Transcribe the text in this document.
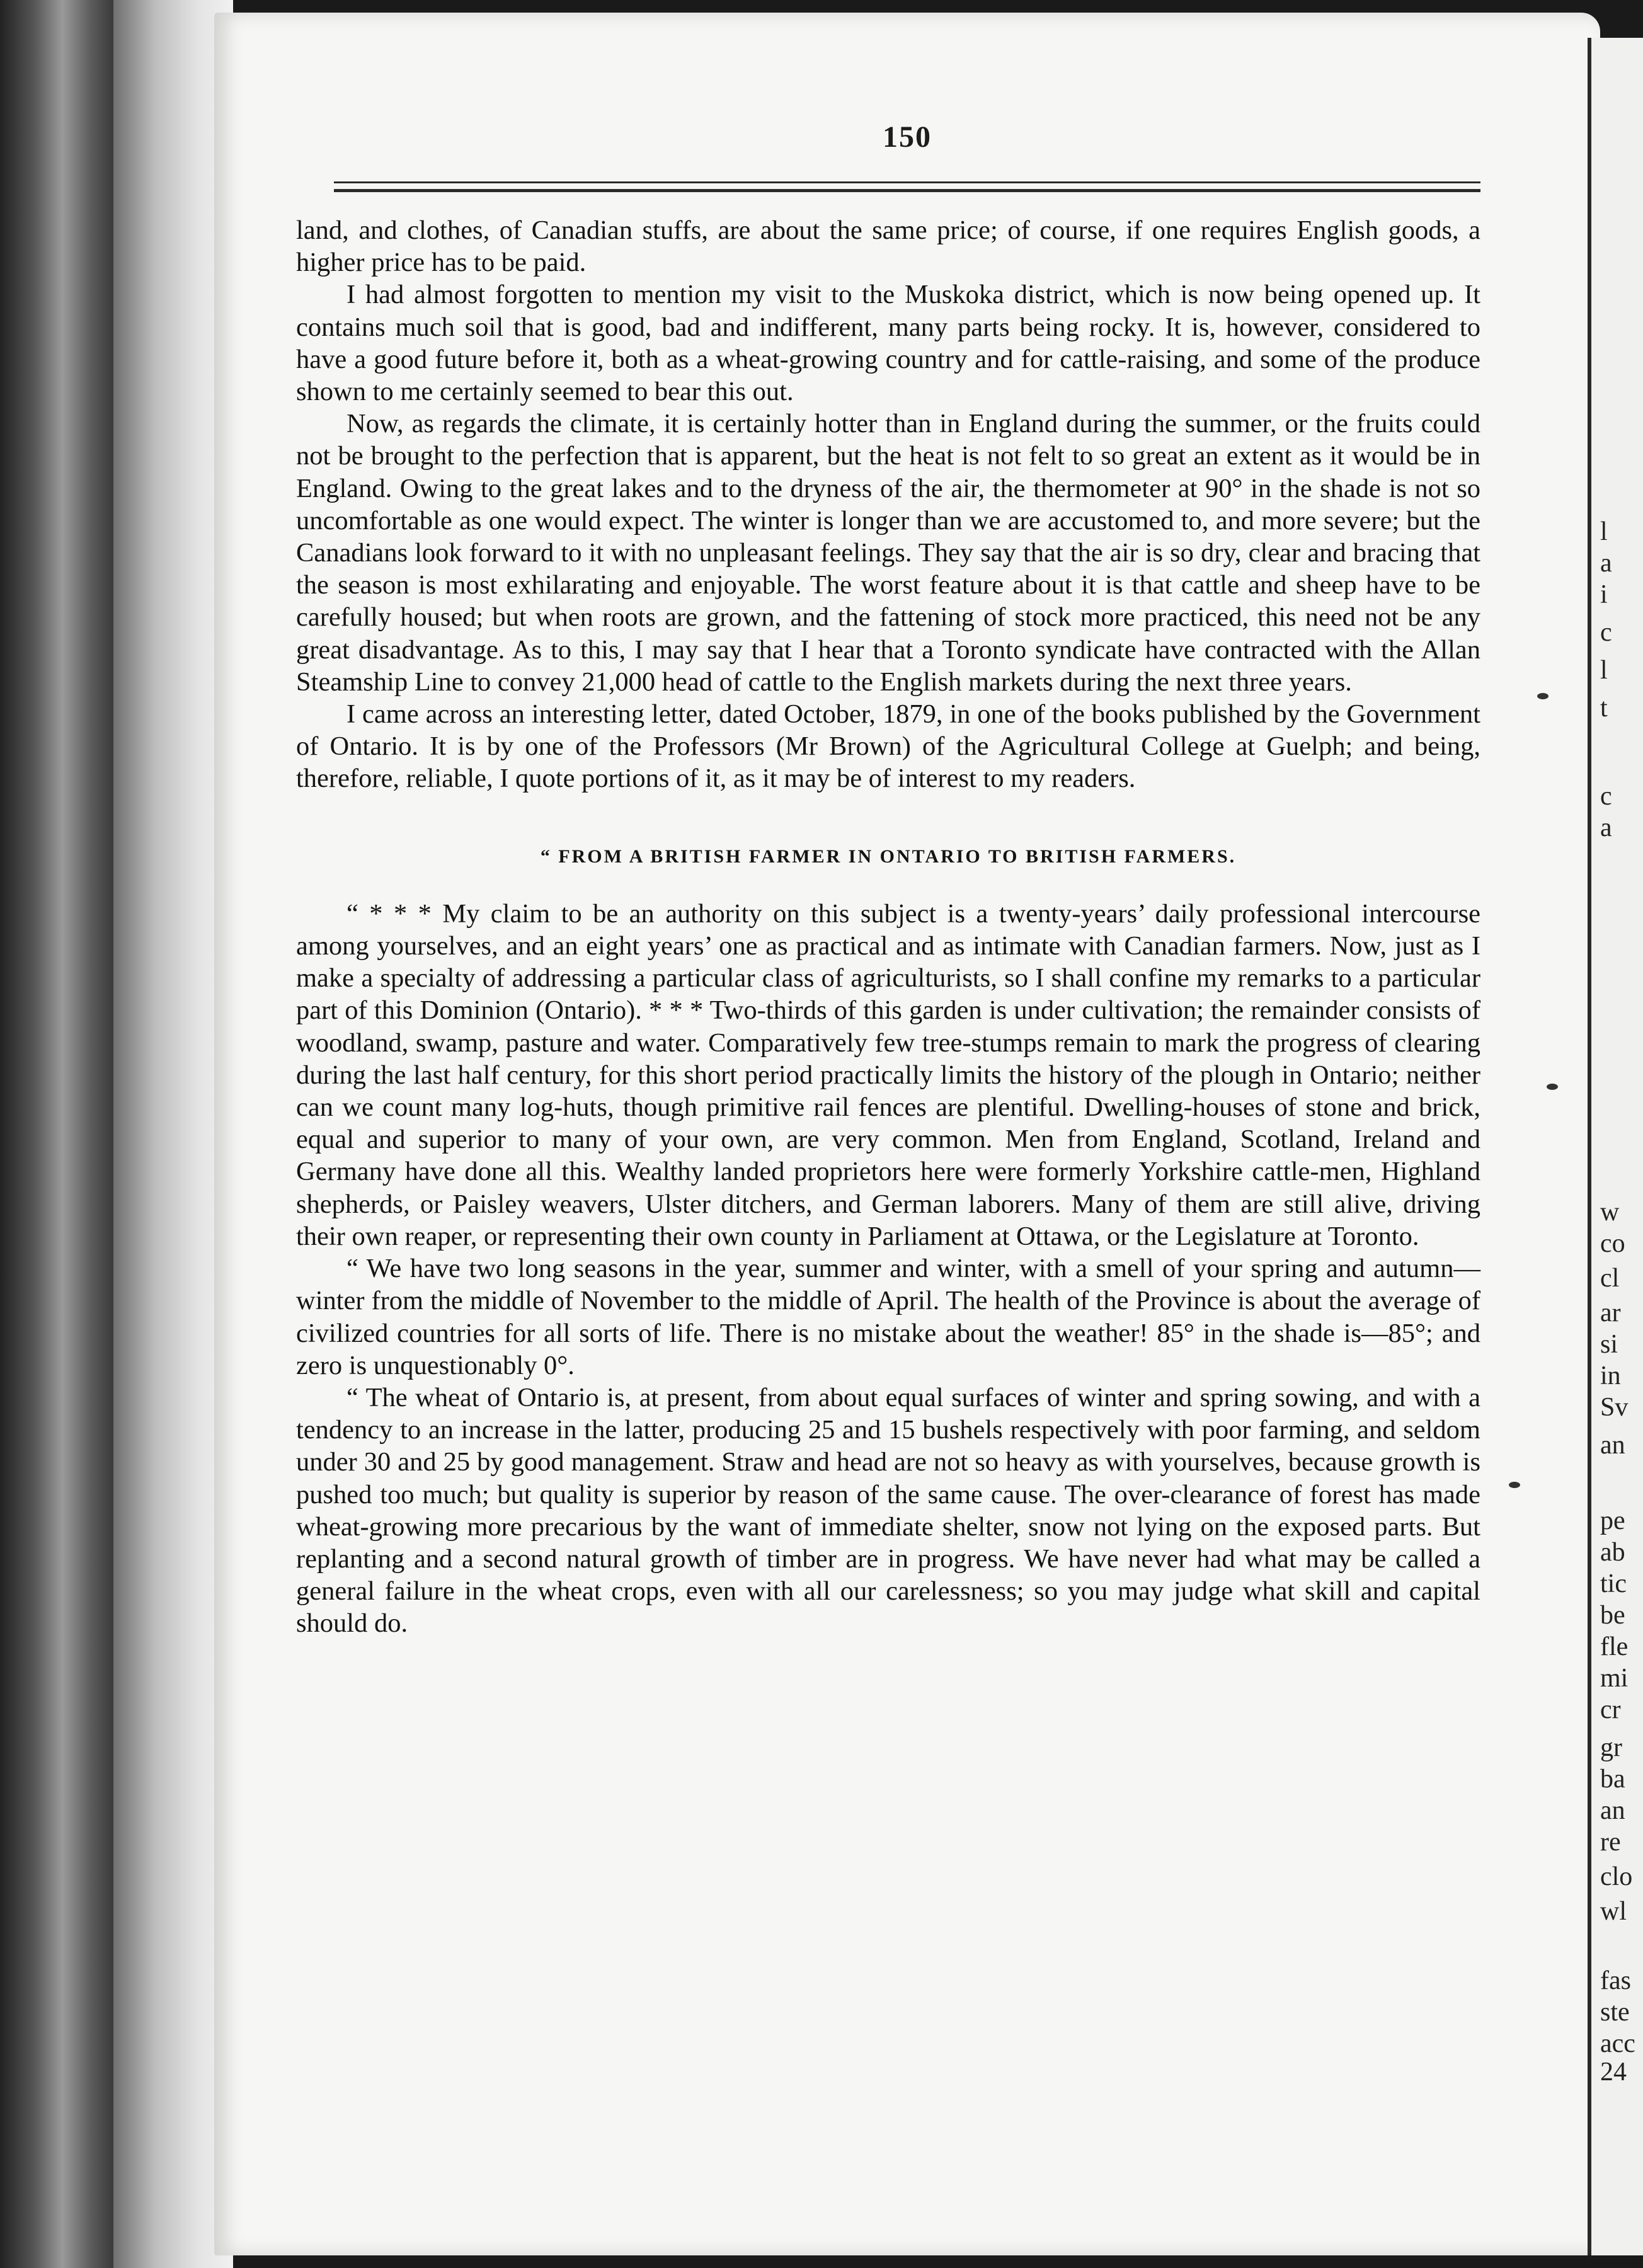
150

land, and clothes, of Canadian stuffs, are about the same price; of course, if one requires English goods, a higher price has to be paid.

I had almost forgotten to mention my visit to the Muskoka district, which is now being opened up. It contains much soil that is good, bad and indifferent, many parts being rocky. It is, however, considered to have a good future before it, both as a wheat-growing country and for cattle-raising, and some of the produce shown to me certainly seemed to bear this out.

Now, as regards the climate, it is certainly hotter than in England during the summer, or the fruits could not be brought to the perfection that is apparent, but the heat is not felt to so great an extent as it would be in England. Owing to the great lakes and to the dryness of the air, the thermometer at 90° in the shade is not so uncomfortable as one would expect. The winter is longer than we are accustomed to, and more severe; but the Canadians look forward to it with no unpleasant feelings. They say that the air is so dry, clear and bracing that the season is most exhilarating and enjoyable. The worst feature about it is that cattle and sheep have to be carefully housed; but when roots are grown, and the fattening of stock more practiced, this need not be any great disadvantage. As to this, I may say that I hear that a Toronto syndicate have contracted with the Allan Steamship Line to convey 21,000 head of cattle to the English markets during the next three years.

I came across an interesting letter, dated October, 1879, in one of the books published by the Government of Ontario. It is by one of the Professors (Mr Brown) of the Agricultural College at Guelph; and being, therefore, reliable, I quote portions of it, as it may be of interest to my readers.

“ FROM A BRITISH FARMER IN ONTARIO TO BRITISH FARMERS.

“ * * * My claim to be an authority on this subject is a twenty-years’ daily professional intercourse among yourselves, and an eight years’ one as practical and as intimate with Canadian farmers. Now, just as I make a specialty of addressing a particular class of agriculturists, so I shall confine my remarks to a particular part of this Dominion (Ontario). * * * Two-thirds of this garden is under cultivation; the remainder consists of woodland, swamp, pasture and water. Comparatively few tree-stumps remain to mark the progress of clearing during the last half century, for this short period practically limits the history of the plough in Ontario; neither can we count many log-huts, though primitive rail fences are plentiful. Dwelling-houses of stone and brick, equal and superior to many of your own, are very common. Men from England, Scotland, Ireland and Germany have done all this. Wealthy landed proprietors here were formerly Yorkshire cattle-men, Highland shepherds, or Paisley weavers, Ulster ditchers, and German laborers. Many of them are still alive, driving their own reaper, or representing their own county in Parliament at Ottawa, or the Legislature at Toronto.

“ We have two long seasons in the year, summer and winter, with a smell of your spring and autumn—winter from the middle of November to the middle of April. The health of the Province is about the average of civilized countries for all sorts of life. There is no mistake about the weather! 85° in the shade is—85°; and zero is unquestionably 0°.

“ The wheat of Ontario is, at present, from about equal surfaces of winter and spring sowing, and with a tendency to an increase in the latter, producing 25 and 15 bushels respectively with poor farming, and seldom under 30 and 25 by good management. Straw and head are not so heavy as with yourselves, because growth is pushed too much; but quality is superior by reason of the same cause. The over-clearance of forest has made wheat-growing more precarious by the want of immediate shelter, snow not lying on the exposed parts. But replanting and a second natural growth of timber are in progress. We have never had what may be called a general failure in the wheat crops, even with all our carelessness; so you may judge what skill and capital should do.

l
a
i
c
l
t
c
a
w
co
cl
ar
si
in
Sv
an
pe
ab
tic
be
fle
mi
cr
gr
ba
an
re
clo
wl
fas
ste
acc
24
